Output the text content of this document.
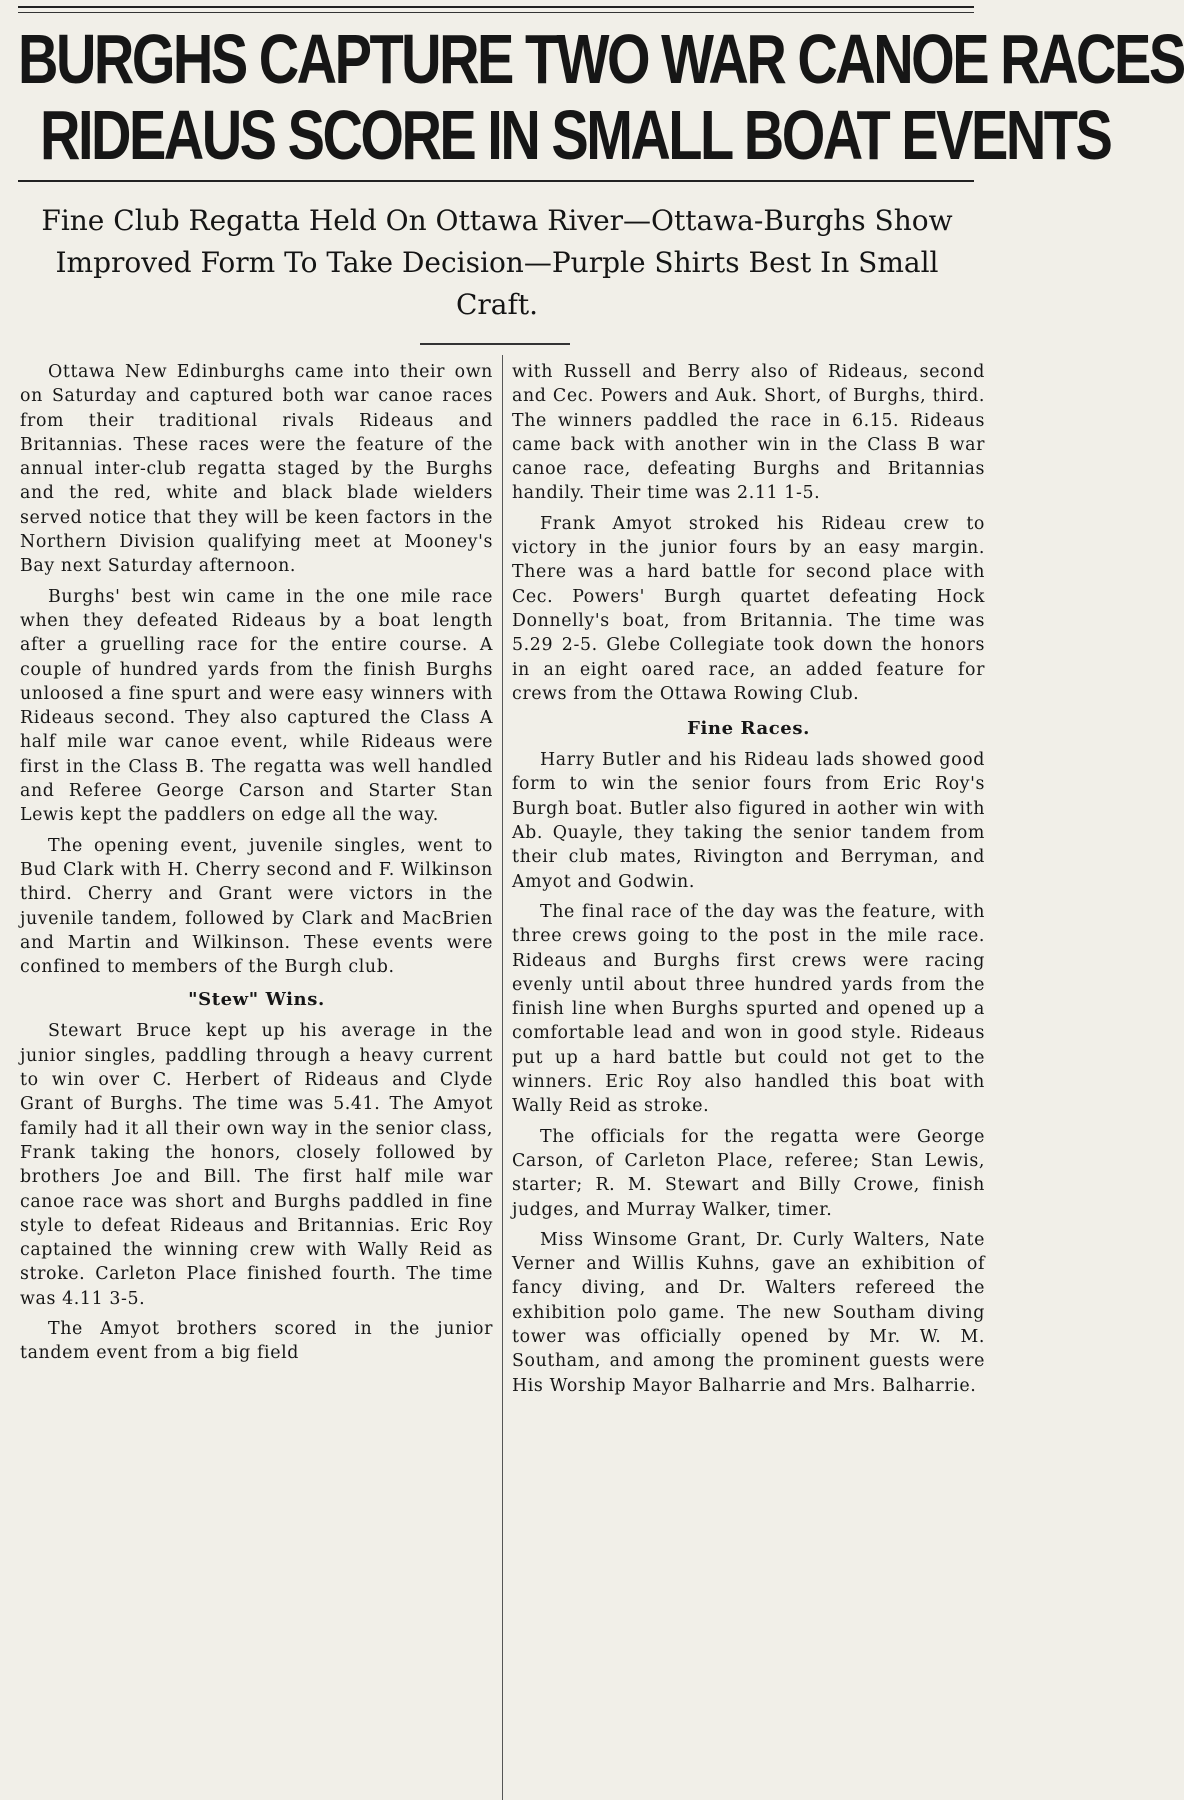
BURGHS CAPTURE TWO WAR CANOE RACES
RIDEAUS SCORE IN SMALL BOAT EVENTS
Fine Club Regatta Held On Ottawa River—Ottawa-Burghs Show Improved Form To Take Decision—Purple Shirts Best In Small Craft.

Ottawa New Edinburghs came into their own on Saturday and captured both war canoe races from their traditional rivals Rideaus and Britannias. These races were the feature of the annual inter-club regatta staged by the Burghs and the red, white and black blade wielders served notice that they will be keen factors in the Northern Division qualifying meet at Mooney's Bay next Saturday afternoon.

Burghs' best win came in the one mile race when they defeated Rideaus by a boat length after a gruelling race for the entire course. A couple of hundred yards from the finish Burghs unloosed a fine spurt and were easy winners with Rideaus second. They also captured the Class A half mile war canoe event, while Rideaus were first in the Class B. The regatta was well handled and Referee George Carson and Starter Stan Lewis kept the paddlers on edge all the way.

The opening event, juvenile singles, went to Bud Clark with H. Cherry second and F. Wilkinson third. Cherry and Grant were victors in the juvenile tandem, followed by Clark and MacBrien and Martin and Wilkinson. These events were confined to members of the Burgh club.

"Stew" Wins.

Stewart Bruce kept up his average in the junior singles, paddling through a heavy current to win over C. Herbert of Rideaus and Clyde Grant of Burghs. The time was 5.41. The Amyot family had it all their own way in the senior class, Frank taking the honors, closely followed by brothers Joe and Bill. The first half mile war canoe race was short and Burghs paddled in fine style to defeat Rideaus and Britannias. Eric Roy captained the winning crew with Wally Reid as stroke. Carleton Place finished fourth. The time was 4.11 3-5.

The Amyot brothers scored in the junior tandem event from a big field

with Russell and Berry also of Rideaus, second and Cec. Powers and Auk. Short, of Burghs, third. The winners paddled the race in 6.15. Rideaus came back with another win in the Class B war canoe race, defeating Burghs and Britannias handily. Their time was 2.11 1-5.

Frank Amyot stroked his Rideau crew to victory in the junior fours by an easy margin. There was a hard battle for second place with Cec. Powers' Burgh quartet defeating Hock Donnelly's boat, from Britannia. The time was 5.29 2-5. Glebe Collegiate took down the honors in an eight oared race, an added feature for crews from the Ottawa Rowing Club.

Fine Races.

Harry Butler and his Rideau lads showed good form to win the senior fours from Eric Roy's Burgh boat. Butler also figured in aother win with Ab. Quayle, they taking the senior tandem from their club mates, Rivington and Berryman, and Amyot and Godwin.

The final race of the day was the feature, with three crews going to the post in the mile race. Rideaus and Burghs first crews were racing evenly until about three hundred yards from the finish line when Burghs spurted and opened up a comfortable lead and won in good style. Rideaus put up a hard battle but could not get to the winners. Eric Roy also handled this boat with Wally Reid as stroke.

The officials for the regatta were George Carson, of Carleton Place, referee; Stan Lewis, starter; R. M. Stewart and Billy Crowe, finish judges, and Murray Walker, timer.

Miss Winsome Grant, Dr. Curly Walters, Nate Verner and Willis Kuhns, gave an exhibition of fancy diving, and Dr. Walters refereed the exhibition polo game. The new Southam diving tower was officially opened by Mr. W. M. Southam, and among the prominent guests were His Worship Mayor Balharrie and Mrs. Balharrie.
